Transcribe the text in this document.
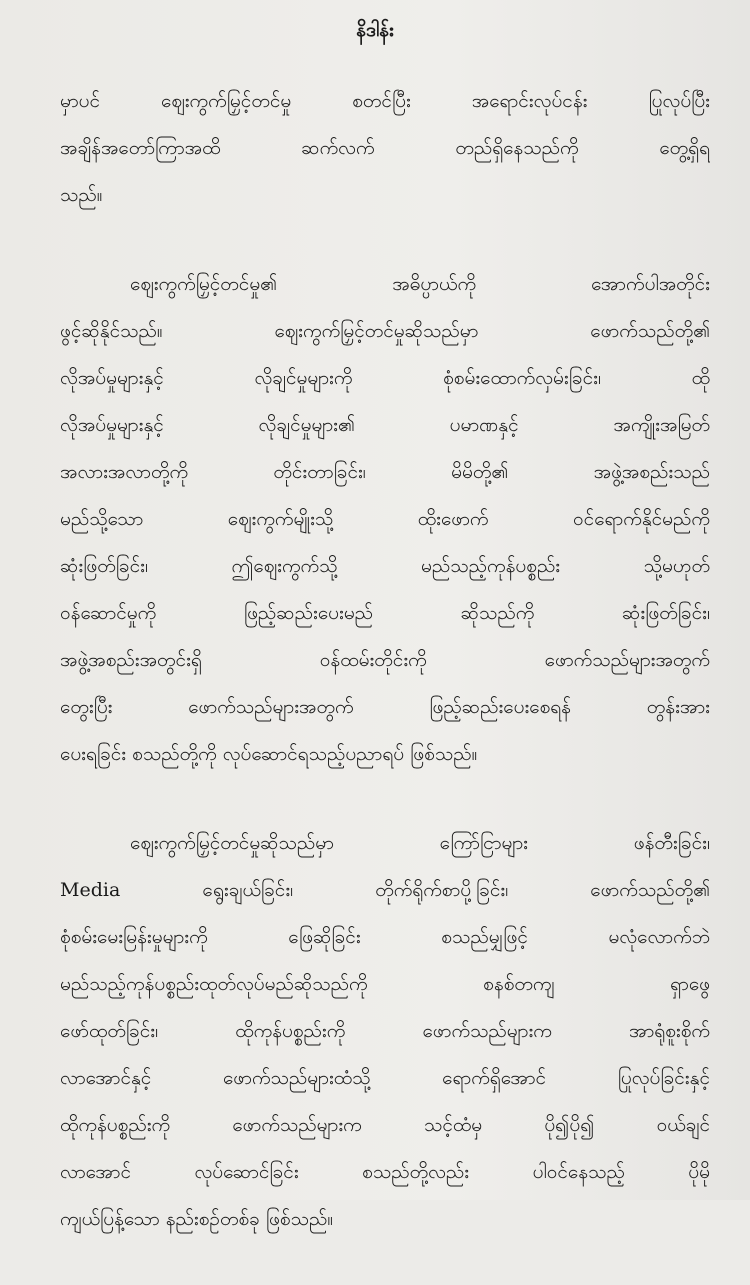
နိဒါန်း
မှာပင် ဈေးကွက်မြှင့်တင်မှု စတင်ပြီး အရောင်းလုပ်ငန်း ပြုလုပ်ပြီး
အချိန်အတော်ကြာအထိ ဆက်လက် တည်ရှိနေသည်ကို တွေ့ရှိရ
သည်။
ဈေးကွက်မြှင့်တင်မှု၏ အဓိပ္ပာယ်ကို အောက်ပါအတိုင်း
ဖွင့်ဆိုနိုင်သည်။ ဈေးကွက်မြှင့်တင်မှုဆိုသည်မှာ ဖောက်သည်တို့၏
လိုအပ်မှုများနှင့် လိုချင်မှုများကို စုံစမ်းထောက်လှမ်းခြင်း၊ ထို
လိုအပ်မှုများနှင့် လိုချင်မှုများ၏ ပမာဏနှင့် အကျိုးအမြတ်
အလားအလာတို့ကို တိုင်းတာခြင်း၊ မိမိတို့၏ အဖွဲ့အစည်းသည်
မည်သို့သော ဈေးကွက်မျိုးသို့ ထိုးဖောက် ဝင်ရောက်နိုင်မည်ကို
ဆုံးဖြတ်ခြင်း၊ ဤဈေးကွက်သို့ မည်သည့်ကုန်ပစ္စည်း သို့မဟုတ်
ဝန်ဆောင်မှုကို ဖြည့်ဆည်းပေးမည် ဆိုသည်ကို ဆုံးဖြတ်ခြင်း၊
အဖွဲ့အစည်းအတွင်းရှိ ဝန်ထမ်းတိုင်းကို ဖောက်သည်များအတွက်
တွေးပြီး ဖောက်သည်များအတွက် ဖြည့်ဆည်းပေးစေရန် တွန်းအား
ပေးရခြင်း စသည်တို့ကို လုပ်ဆောင်ရသည့်ပညာရပ် ဖြစ်သည်။
ဈေးကွက်မြှင့်တင်မှုဆိုသည်မှာ ကြော်ငြာများ ဖန်တီးခြင်း၊
Media ရွေးချယ်ခြင်း၊ တိုက်ရိုက်စာပို့ခြင်း၊ ဖောက်သည်တို့၏
စုံစမ်းမေးမြန်းမှုများကို ဖြေဆိုခြင်း စသည်မျှဖြင့် မလုံလောက်ဘဲ
မည်သည့်ကုန်ပစ္စည်းထုတ်လုပ်မည်ဆိုသည်ကို စနစ်တကျ ရှာဖွေ
ဖော်ထုတ်ခြင်း၊ ထိုကုန်ပစ္စည်းကို ဖောက်သည်များက အာရုံစူးစိုက်
လာအောင်နှင့် ဖောက်သည်များထံသို့ ရောက်ရှိအောင် ပြုလုပ်ခြင်းနှင့်
ထိုကုန်ပစ္စည်းကို ဖောက်သည်များက သင့်ထံမှ ပို၍ပို၍ ဝယ်ချင်
လာအောင် လုပ်ဆောင်ခြင်း စသည်တို့လည်း ပါဝင်နေသည့် ပိုမို
ကျယ်ပြန့်သော နည်းစဉ်တစ်ခု ဖြစ်သည်။
